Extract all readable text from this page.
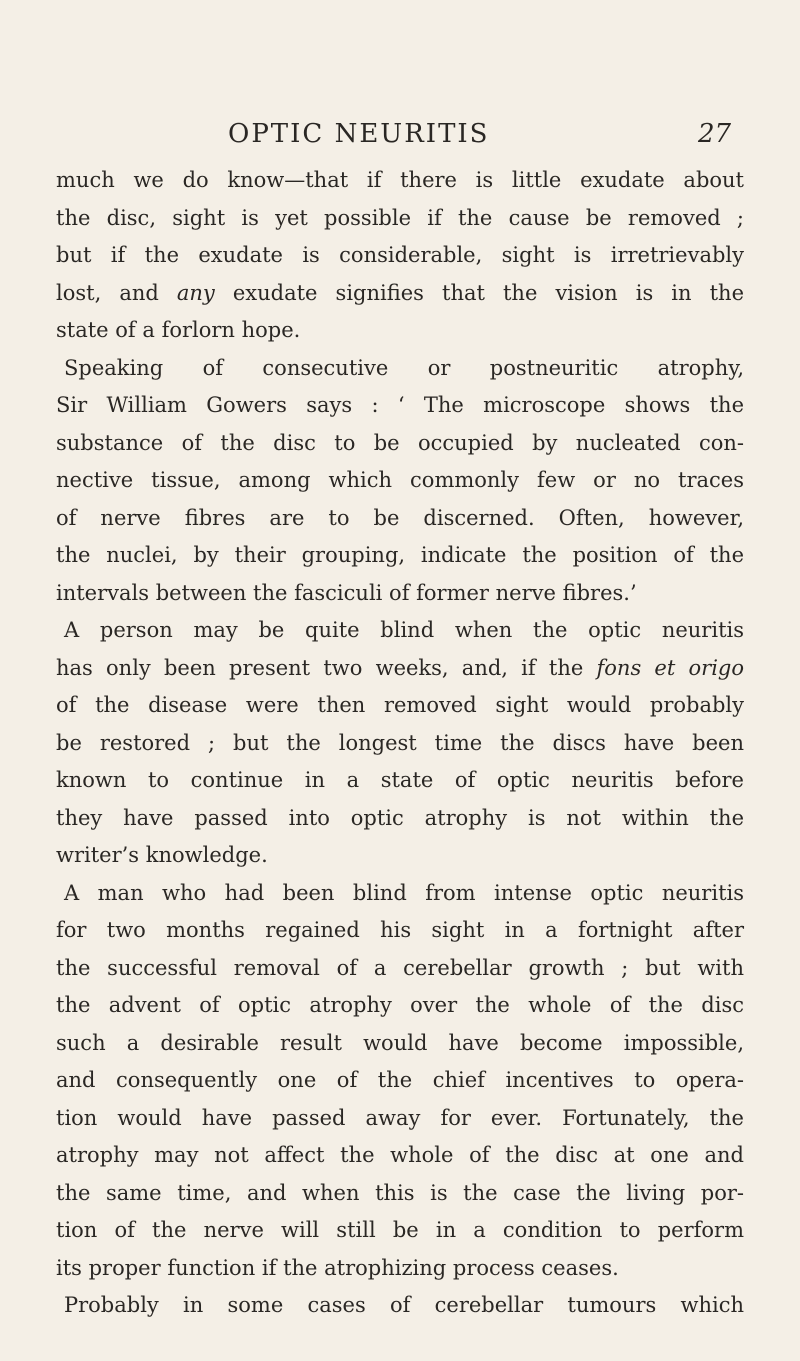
OPTIC NEURITIS	27
much we do know—that if there is little exudate about
the disc, sight is yet possible if the cause be removed ;
but if the exudate is considerable, sight is irretrievably
lost, and any exudate signifies that the vision is in the
state of a forlorn hope.
Speaking of consecutive or postneuritic atrophy,
Sir William Gowers says : ‘ The microscope shows the
substance of the disc to be occupied by nucleated con-
nective tissue, among which commonly few or no traces
of nerve fibres are to be discerned. Often, however,
the nuclei, by their grouping, indicate the position of the
intervals between the fasciculi of former nerve fibres.’
A person may be quite blind when the optic neuritis
has only been present two weeks, and, if the fons et origo
of the disease were then removed sight would probably
be restored ; but the longest time the discs have been
known to continue in a state of optic neuritis before
they have passed into optic atrophy is not within the
writer’s knowledge.
A man who had been blind from intense optic neuritis
for two months regained his sight in a fortnight after
the successful removal of a cerebellar growth ; but with
the advent of optic atrophy over the whole of the disc
such a desirable result would have become impossible,
and consequently one of the chief incentives to opera-
tion would have passed away for ever. Fortunately, the
atrophy may not affect the whole of the disc at one and
the same time, and when this is the case the living por-
tion of the nerve will still be in a condition to perform
its proper function if the atrophizing process ceases.
Probably in some cases of cerebellar tumours which
